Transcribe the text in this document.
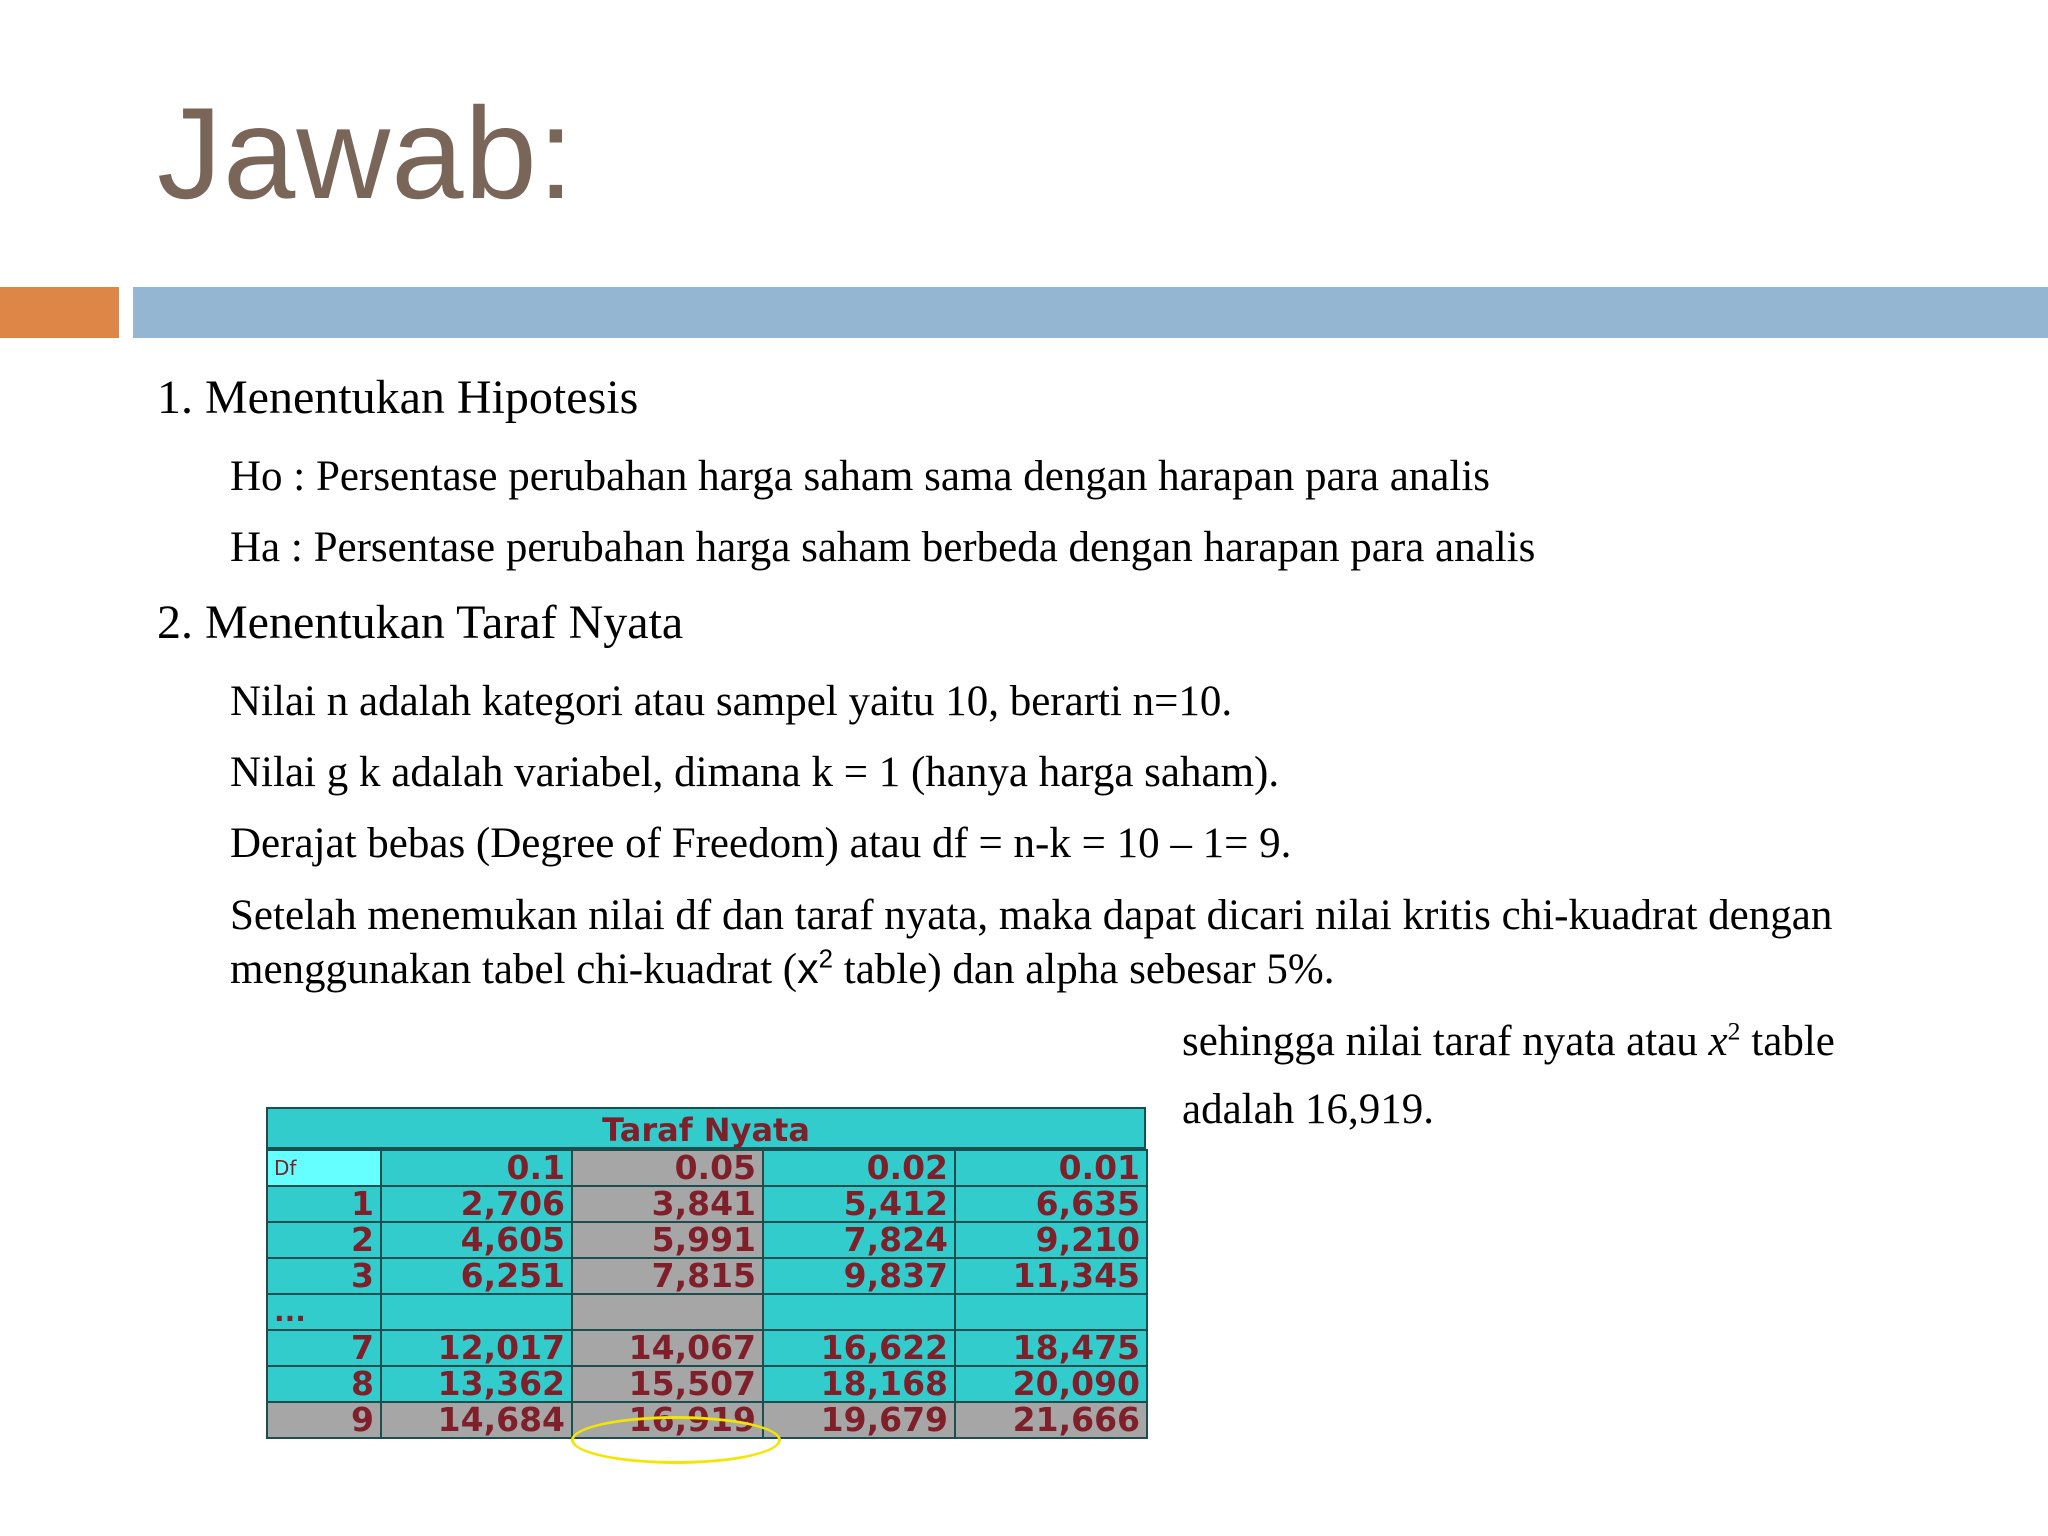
Jawab:
1. Menentukan Hipotesis
Ho : Persentase perubahan harga saham sama dengan harapan para analis
Ha : Persentase perubahan harga saham berbeda dengan harapan para analis
2. Menentukan Taraf Nyata
Nilai n adalah kategori atau sampel yaitu 10, berarti n=10.
Nilai g k adalah variabel, dimana k = 1 (hanya harga saham).
Derajat bebas (Degree of Freedom) atau df = n-k = 10 – 1= 9.
Setelah menemukan nilai df dan taraf nyata, maka dapat dicari nilai kritis chi-kuadrat dengan
menggunakan tabel chi-kuadrat ($x^2$ table) dan alpha sebesar 5%.
sehingga nilai taraf nyata atau $x^2$ table
adalah 16,919.
Taraf Nyata
Df	0.1	0.05	0.02	0.01
1	2,706	3,841	5,412	6,635
2	4,605	5,991	7,824	9,210
3	6,251	7,815	9,837	11,345
...				
7	12,017	14,067	16,622	18,475
8	13,362	15,507	18,168	20,090
9	14,684	16,919	19,679	21,666
